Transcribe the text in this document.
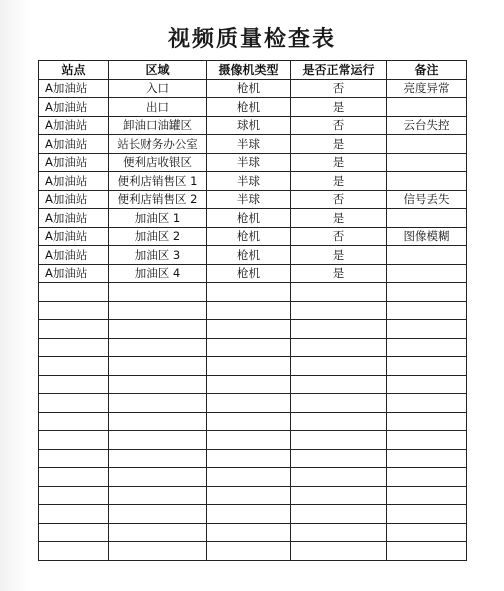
视频质量检查表
站点	区域	摄像机类型	是否正常运行	备注
A加油站	入口	枪机	否	亮度异常
A加油站	出口	枪机	是	
A加油站	卸油口油罐区	球机	否	云台失控
A加油站	站长财务办公室	半球	是	
A加油站	便利店收银区	半球	是	
A加油站	便利店销售区 1	半球	是	
A加油站	便利店销售区 2	半球	否	信号丢失
A加油站	加油区 1	枪机	是	
A加油站	加油区 2	枪机	否	图像模糊
A加油站	加油区 3	枪机	是	
A加油站	加油区 4	枪机	是	
